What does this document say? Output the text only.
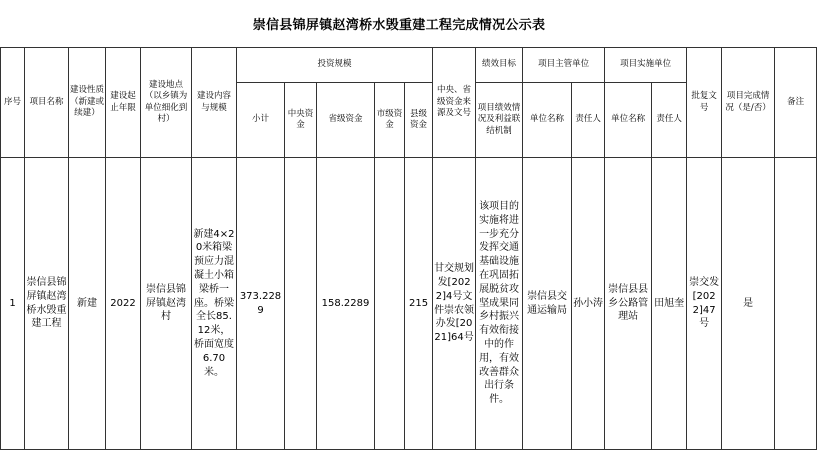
崇信县锦屏镇赵湾桥水毁重建工程完成情况公示表
序号	项目名称	建设性质（新建或续建）	建设起止年限	建设地点（以乡镇为单位细化到村）	建设内容与规模	投资规模					中央、省级资金来源及文号	绩效目标	项目主管单位		项目实施单位		批复文号	项目完成情况（是/否）	备注
						小计	中央资金	省级资金	市级资金	县级资金		项目绩效情况及利益联结机制	单位名称	责任人	单位名称	责任人			

1	崇信县锦屏镇赵湾桥水毁重建工程	新建	2022	崇信县锦屏镇赵湾村	新建4×20米箱梁预应力混凝土小箱梁桥一座。桥梁全长85.12米，桥面宽度6.70米。	373.2289		158.2289		215	甘交规划发[2022]4号文件崇农领办发[2021]64号	该项目的实施将进一步充分发挥交通基础设施在巩固拓展脱贫攻坚成果同乡村振兴有效衔接中的作用，有效改善群众出行条件。	崇信县交通运输局	孙小涛	崇信县县乡公路管理站	田旭奎	崇交发[2022]47号	是	
